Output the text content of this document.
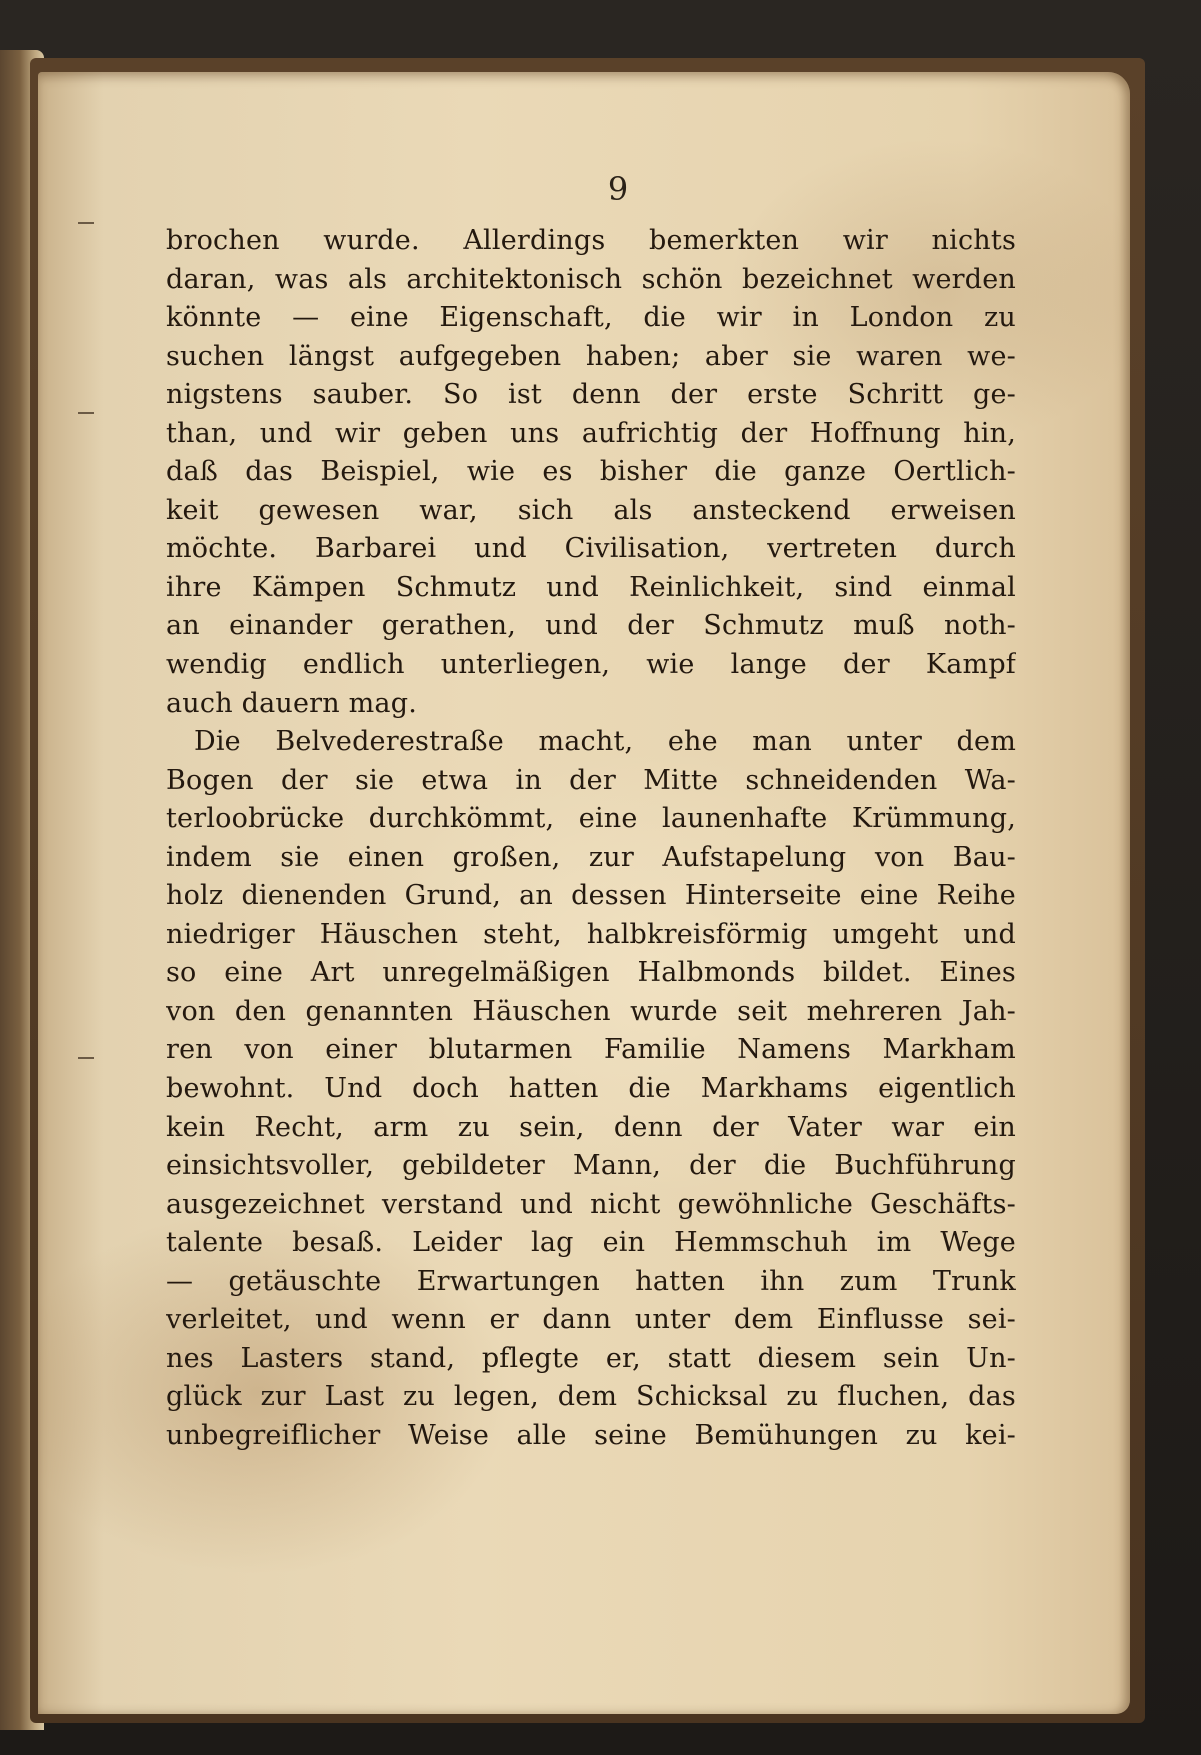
9
brochen wurde. Allerdings bemerkten wir nichts
daran, was als architektonisch schön bezeichnet werden
könnte — eine Eigenschaft, die wir in London zu
suchen längst aufgegeben haben; aber sie waren we-
nigstens sauber. So ist denn der erste Schritt ge-
than, und wir geben uns aufrichtig der Hoffnung hin,
daß das Beispiel, wie es bisher die ganze Oertlich-
keit gewesen war, sich als ansteckend erweisen
möchte. Barbarei und Civilisation, vertreten durch
ihre Kämpen Schmutz und Reinlichkeit, sind einmal
an einander gerathen, und der Schmutz muß noth-
wendig endlich unterliegen, wie lange der Kampf
auch dauern mag.
Die Belvederestraße macht, ehe man unter dem
Bogen der sie etwa in der Mitte schneidenden Wa-
terloobrücke durchkömmt, eine launenhafte Krümmung,
indem sie einen großen, zur Aufstapelung von Bau-
holz dienenden Grund, an dessen Hinterseite eine Reihe
niedriger Häuschen steht, halbkreisförmig umgeht und
so eine Art unregelmäßigen Halbmonds bildet. Eines
von den genannten Häuschen wurde seit mehreren Jah-
ren von einer blutarmen Familie Namens Markham
bewohnt. Und doch hatten die Markhams eigentlich
kein Recht, arm zu sein, denn der Vater war ein
einsichtsvoller, gebildeter Mann, der die Buchführung
ausgezeichnet verstand und nicht gewöhnliche Geschäfts-
talente besaß. Leider lag ein Hemmschuh im Wege
— getäuschte Erwartungen hatten ihn zum Trunk
verleitet, und wenn er dann unter dem Einflusse sei-
nes Lasters stand, pflegte er, statt diesem sein Un-
glück zur Last zu legen, dem Schicksal zu fluchen, das
unbegreiflicher Weise alle seine Bemühungen zu kei-
